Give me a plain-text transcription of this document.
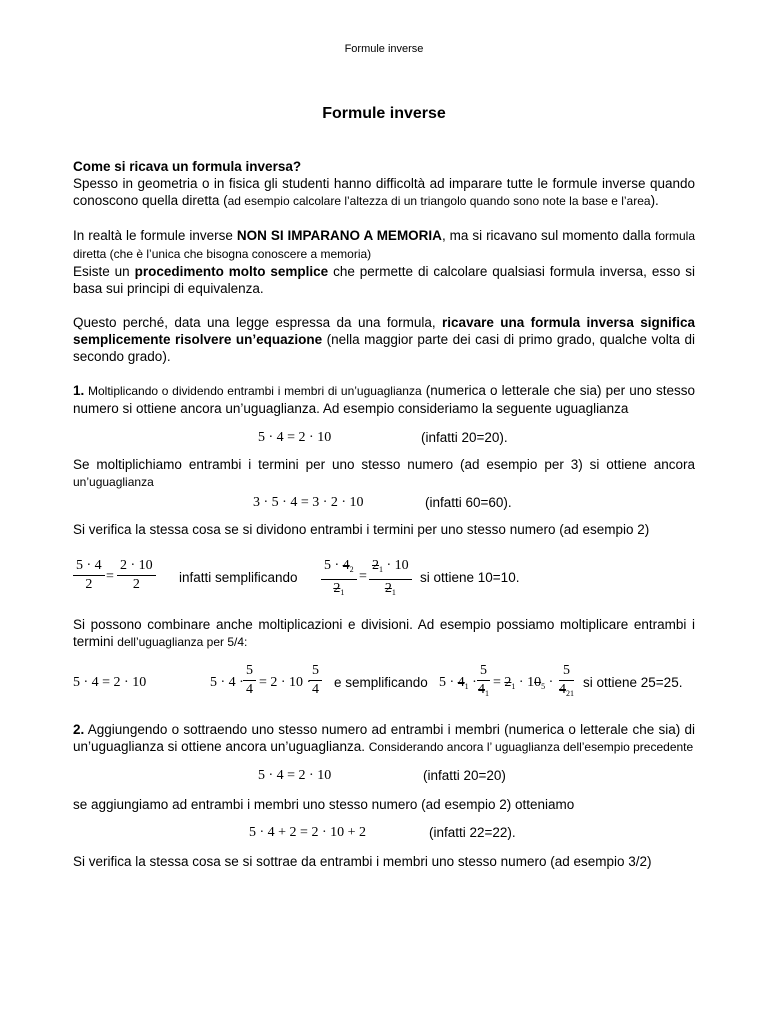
Formule inverse
Formule inverse

Come si ricava un formula inversa?

Spesso in geometria o in fisica gli studenti hanno difficoltà ad imparare tutte le formule inverse quando conoscono quella diretta (ad esempio calcolare l’altezza di un triangolo quando sono note la base e l’area).

In realtà le formule inverse NON SI IMPARANO A MEMORIA, ma si ricavano sul momento dalla formula diretta (che è l’unica che bisogna conoscere a memoria)

Esiste un procedimento molto semplice che permette di calcolare qualsiasi formula inversa, esso si basa sui principi di equivalenza.

Questo perché, data una legge espressa da una formula, ricavare una formula inversa significa semplicemente risolvere un’equazione (nella maggior parte dei casi di primo grado, qualche volta di secondo grado).

1. Moltiplicando o dividendo entrambi i membri di un’uguaglianza (numerica o letterale che sia) per uno stesso numero si ottiene ancora un’uguaglianza. Ad esempio consideriamo la seguente uguaglianza

5 · 4 = 2 · 10	(infatti 20=20).

Se moltiplichiamo entrambi i termini per uno stesso numero (ad esempio per 3) si ottiene ancora un’uguaglianza

3 · 5 · 4 = 3 · 2 · 10	(infatti 60=60).

Si verifica la stessa cosa se si dividono entrambi i termini per uno stesso numero (ad esempio 2)

$\frac{5 \cdot 4}{2} = \frac{2 \cdot 10}{2}$ infatti semplificando $\frac{5 \cdot 4_2}{2_1} = \frac{2_1 \cdot 10}{2_1}$ si ottiene 10=10.

Si possono combinare anche moltiplicazioni e divisioni. Ad esempio possiamo moltiplicare entrambi i termini dell’uguaglianza per 5/4:

5 · 4 = 2 · 10	$5 \cdot 4 \cdot \frac{5}{4} = 2 \cdot 10$ ·
$\frac{5}{4}$ e semplificando $5 \cdot 4_1 \cdot \frac{5}{4_1} = 2_1 \cdot 10_5 \cdot \frac{5}{4_{21}}$ si ottiene 25=25.

2. Aggiungendo o sottraendo uno stesso numero ad entrambi i membri (numerica o letterale che sia) di un’uguaglianza si ottiene ancora un’uguaglianza. Considerando ancora l’ uguaglianza dell’esempio precedente

5 · 4 = 2 · 10	(infatti 20=20)

se aggiungiamo ad entrambi i membri uno stesso numero (ad esempio 2) otteniamo

5 · 4 + 2 = 2 · 10 + 2	(infatti 22=22).

Si verifica la stessa cosa se si sottrae da entrambi i membri uno stesso numero (ad esempio 3/2)
